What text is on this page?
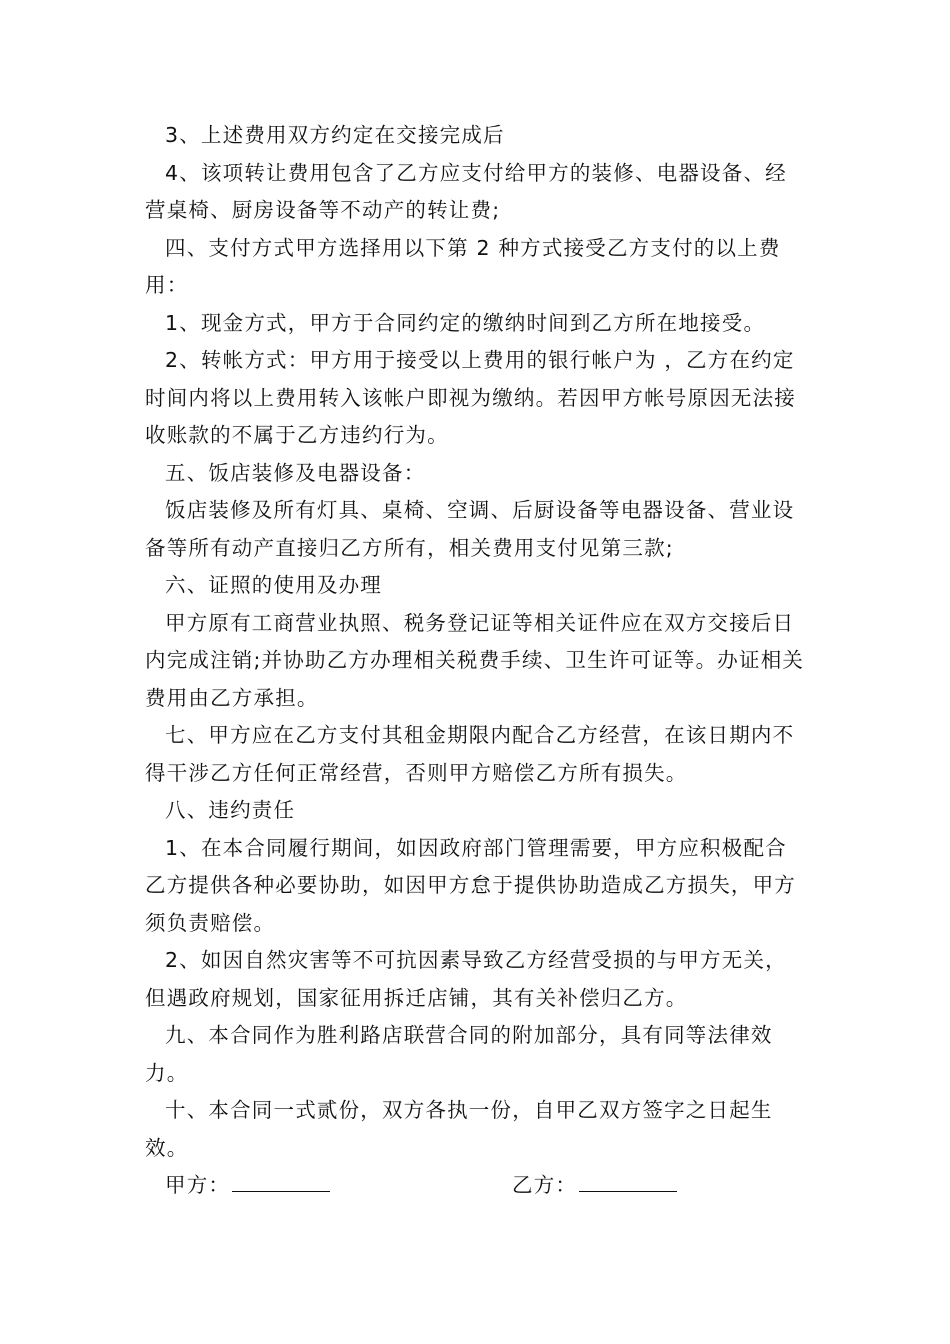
3、上述费用双方约定在交接完成后

4、该项转让费用包含了乙方应支付给甲方的装修、电器设备、经营桌椅、厨房设备等不动产的转让费;

四、支付方式甲方选择用以下第 2 种方式接受乙方支付的以上费用：

1、现金方式，甲方于合同约定的缴纳时间到乙方所在地接受。

2、转帐方式：甲方用于接受以上费用的银行帐户为 ，乙方在约定时间内将以上费用转入该帐户即视为缴纳。若因甲方帐号原因无法接收账款的不属于乙方违约行为。

五、饭店装修及电器设备：

饭店装修及所有灯具、桌椅、空调、后厨设备等电器设备、营业设备等所有动产直接归乙方所有，相关费用支付见第三款;

六、证照的使用及办理

甲方原有工商营业执照、税务登记证等相关证件应在双方交接后日内完成注销;并协助乙方办理相关税费手续、卫生许可证等。办证相关费用由乙方承担。

七、甲方应在乙方支付其租金期限内配合乙方经营，在该日期内不得干涉乙方任何正常经营，否则甲方赔偿乙方所有损失。

八、违约责任

1、在本合同履行期间，如因政府部门管理需要，甲方应积极配合乙方提供各种必要协助，如因甲方怠于提供协助造成乙方损失，甲方须负责赔偿。

2、如因自然灾害等不可抗因素导致乙方经营受损的与甲方无关，但遇政府规划，国家征用拆迁店铺，其有关补偿归乙方。

九、本合同作为胜利路店联营合同的附加部分，具有同等法律效力。

十、本合同一式贰份，双方各执一份，自甲乙双方签字之日起生效。

甲方：	乙方：
